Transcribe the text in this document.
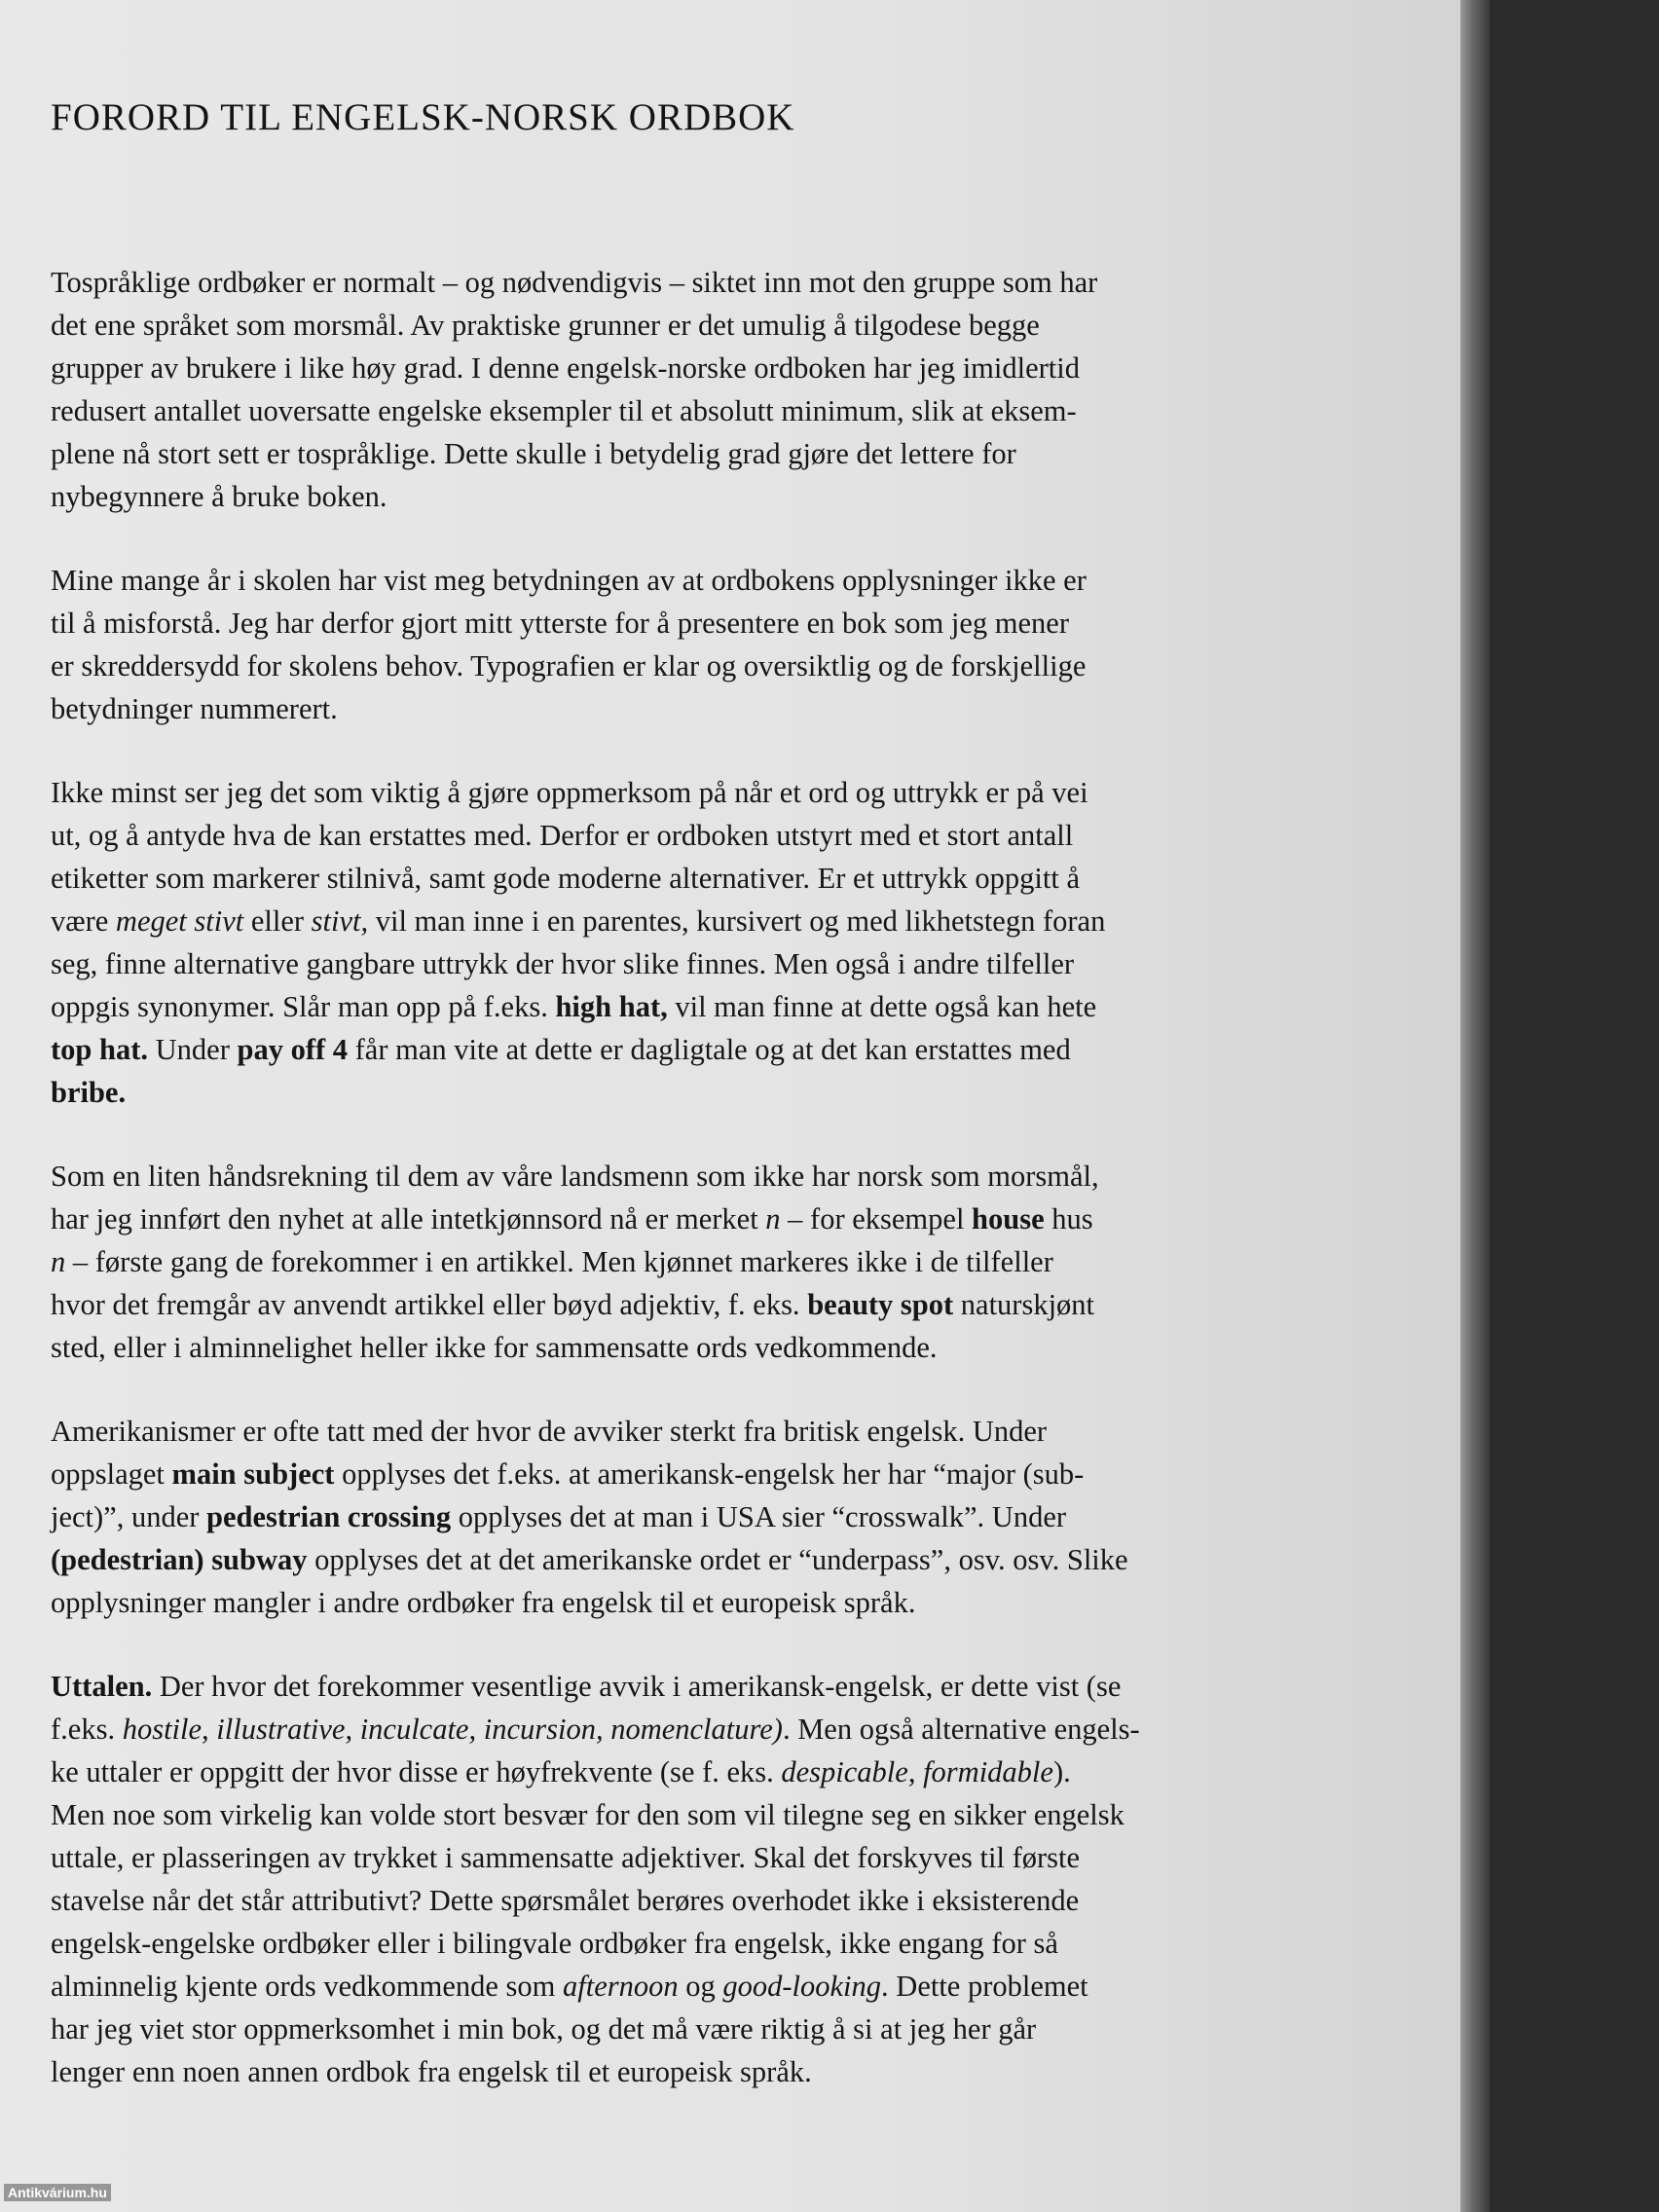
FORORD TIL ENGELSK-NORSK ORDBOK

Tospråklige ordbøker er normalt – og nødvendigvis – siktet inn mot den gruppe som har
det ene språket som morsmål. Av praktiske grunner er det umulig å tilgodese begge
grupper av brukere i like høy grad. I denne engelsk-norske ordboken har jeg imidlertid
redusert antallet uoversatte engelske eksempler til et absolutt minimum, slik at eksem-
plene nå stort sett er tospråklige. Dette skulle i betydelig grad gjøre det lettere for
nybegynnere å bruke boken.

Mine mange år i skolen har vist meg betydningen av at ordbokens opplysninger ikke er
til å misforstå. Jeg har derfor gjort mitt ytterste for å presentere en bok som jeg mener
er skreddersydd for skolens behov. Typografien er klar og oversiktlig og de forskjellige
betydninger nummerert.

Ikke minst ser jeg det som viktig å gjøre oppmerksom på når et ord og uttrykk er på vei
ut, og å antyde hva de kan erstattes med. Derfor er ordboken utstyrt med et stort antall
etiketter som markerer stilnivå, samt gode moderne alternativer. Er et uttrykk oppgitt å
være meget stivt eller stivt, vil man inne i en parentes, kursivert og med likhetstegn foran
seg, finne alternative gangbare uttrykk der hvor slike finnes. Men også i andre tilfeller
oppgis synonymer. Slår man opp på f.eks. high hat, vil man finne at dette også kan hete
top hat. Under pay off 4 får man vite at dette er dagligtale og at det kan erstattes med
bribe.

Som en liten håndsrekning til dem av våre landsmenn som ikke har norsk som morsmål,
har jeg innført den nyhet at alle intetkjønnsord nå er merket n – for eksempel house hus
n – første gang de forekommer i en artikkel. Men kjønnet markeres ikke i de tilfeller
hvor det fremgår av anvendt artikkel eller bøyd adjektiv, f. eks. beauty spot naturskjønt
sted, eller i alminnelighet heller ikke for sammensatte ords vedkommende.

Amerikanismer er ofte tatt med der hvor de avviker sterkt fra britisk engelsk. Under
oppslaget main subject opplyses det f.eks. at amerikansk-engelsk her har “major (sub-
ject)”, under pedestrian crossing opplyses det at man i USA sier “crosswalk”. Under
(pedestrian) subway opplyses det at det amerikanske ordet er “underpass”, osv. osv. Slike
opplysninger mangler i andre ordbøker fra engelsk til et europeisk språk.

Uttalen. Der hvor det forekommer vesentlige avvik i amerikansk-engelsk, er dette vist (se
f.eks. hostile, illustrative, inculcate, incursion, nomenclature). Men også alternative engels-
ke uttaler er oppgitt der hvor disse er høyfrekvente (se f. eks. despicable, formidable).
Men noe som virkelig kan volde stort besvær for den som vil tilegne seg en sikker engelsk
uttale, er plasseringen av trykket i sammensatte adjektiver. Skal det forskyves til første
stavelse når det står attributivt? Dette spørsmålet berøres overhodet ikke i eksisterende
engelsk-engelske ordbøker eller i bilingvale ordbøker fra engelsk, ikke engang for så
alminnelig kjente ords vedkommende som afternoon og good-looking. Dette problemet
har jeg viet stor oppmerksomhet i min bok, og det må være riktig å si at jeg her går
lenger enn noen annen ordbok fra engelsk til et europeisk språk.

Antikvárium.hu
